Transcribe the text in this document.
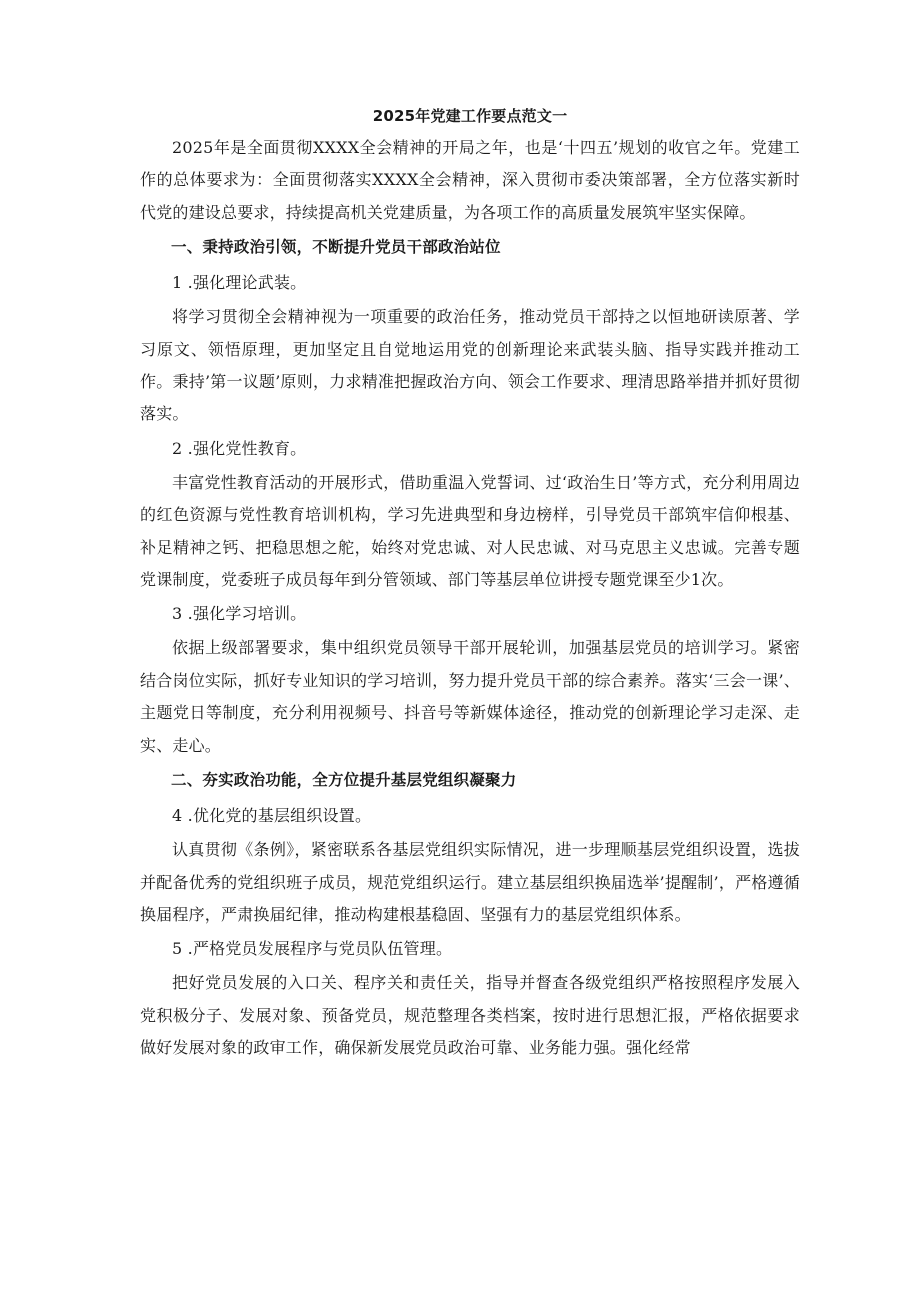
2025年党建工作要点范文一

2025年是全面贯彻XXXX全会精神的开局之年，也是‘十四五’规划的收官之年。党建工作的总体要求为：全面贯彻落实XXXX全会精神，深入贯彻市委决策部署，全方位落实新时代党的建设总要求，持续提高机关党建质量，为各项工作的高质量发展筑牢坚实保障。

一、秉持政治引领，不断提升党员干部政治站位

1 .强化理论武装。

将学习贯彻全会精神视为一项重要的政治任务，推动党员干部持之以恒地研读原著、学习原文、领悟原理，更加坚定且自觉地运用党的创新理论来武装头脑、指导实践并推动工作。秉持’第一议题’原则，力求精准把握政治方向、领会工作要求、理清思路举措并抓好贯彻落实。

2 .强化党性教育。

丰富党性教育活动的开展形式，借助重温入党誓词、过‘政治生日’等方式，充分利用周边的红色资源与党性教育培训机构，学习先进典型和身边榜样，引导党员干部筑牢信仰根基、补足精神之钙、把稳思想之舵，始终对党忠诚、对人民忠诚、对马克思主义忠诚。完善专题党课制度，党委班子成员每年到分管领域、部门等基层单位讲授专题党课至少1次。

3 .强化学习培训。

依据上级部署要求，集中组织党员领导干部开展轮训，加强基层党员的培训学习。紧密结合岗位实际，抓好专业知识的学习培训，努力提升党员干部的综合素养。落实‘三会一课’、主题党日等制度，充分利用视频号、抖音号等新媒体途径，推动党的创新理论学习走深、走实、走心。

二、夯实政治功能，全方位提升基层党组织凝聚力

4 .优化党的基层组织设置。

认真贯彻《条例》，紧密联系各基层党组织实际情况，进一步理顺基层党组织设置，选拔并配备优秀的党组织班子成员，规范党组织运行。建立基层组织换届选举’提醒制’，严格遵循换届程序，严肃换届纪律，推动构建根基稳固、坚强有力的基层党组织体系。

5 .严格党员发展程序与党员队伍管理。

把好党员发展的入口关、程序关和责任关，指导并督查各级党组织严格按照程序发展入党积极分子、发展对象、预备党员，规范整理各类档案，按时进行思想汇报，严格依据要求做好发展对象的政审工作，确保新发展党员政治可靠、业务能力强。强化经常
